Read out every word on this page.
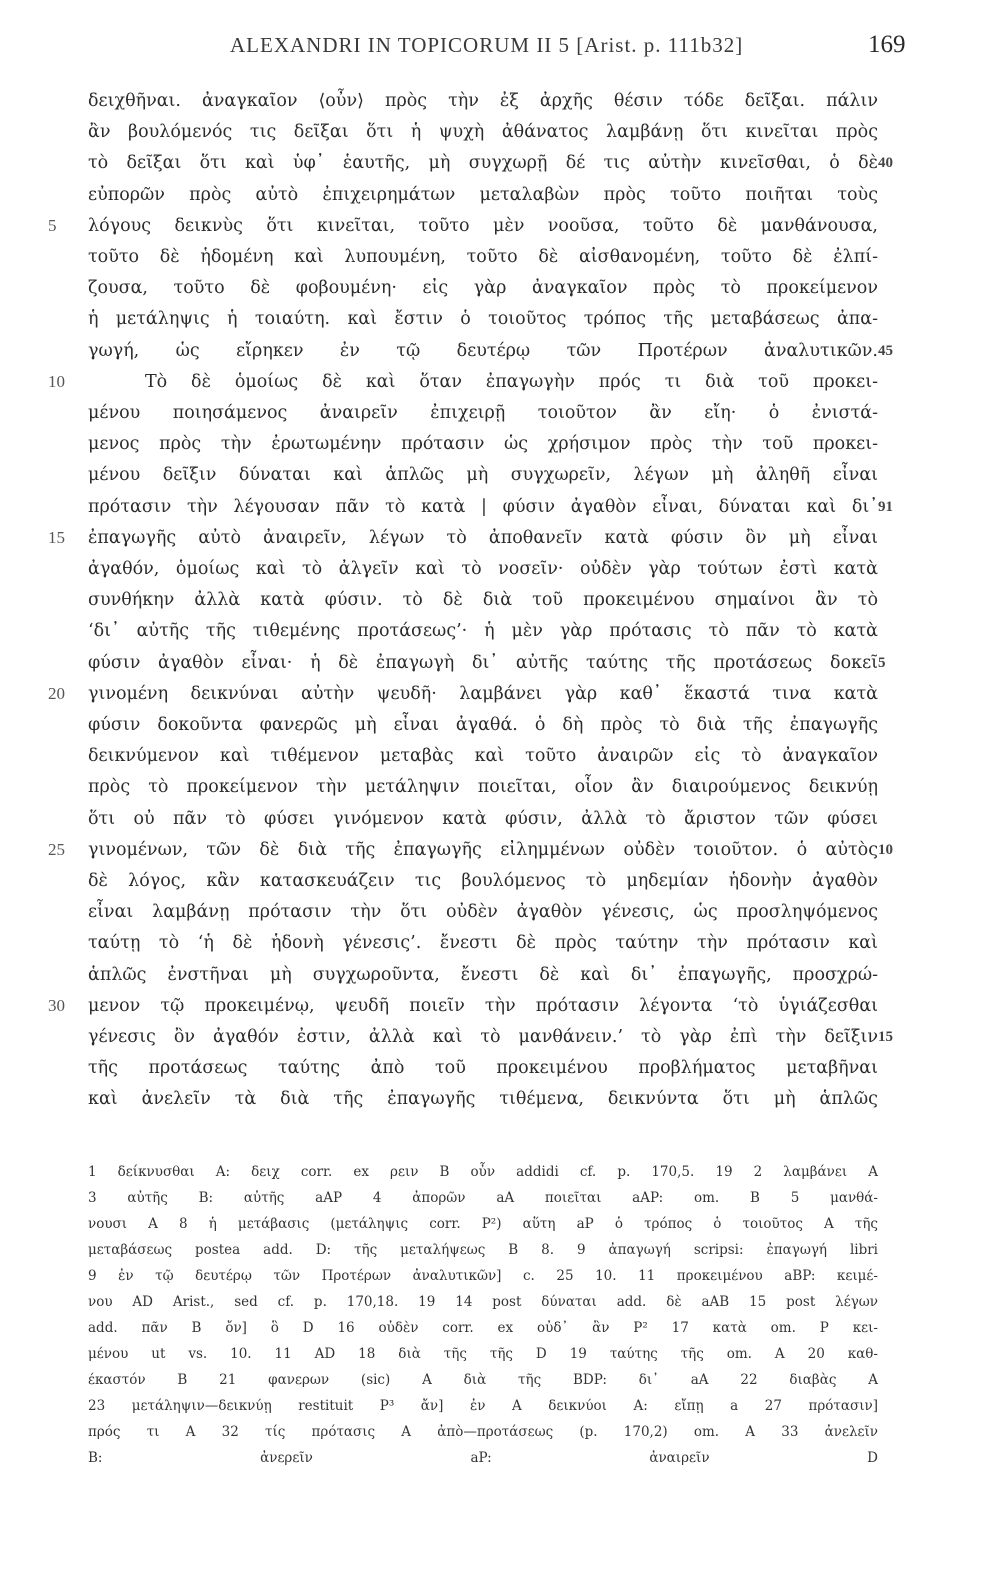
ALEXANDRI IN TOPICORUM II 5 [Arist. p. 111b32]	169
δειχθῆναι. ἀναγκαῖον ⟨οὖν⟩ πρὸς τὴν ἐξ ἀρχῆς θέσιν τόδε δεῖξαι. πάλιν
ἂν βουλόμενός τις δεῖξαι ὅτι ἡ ψυχὴ ἀθάνατος λαμβάνῃ ὅτι κινεῖται πρὸς
τὸ δεῖξαι ὅτι καὶ ὑφ᾽ ἑαυτῆς, μὴ συγχωρῇ δέ τις αὐτὴν κινεῖσθαι, ὁ δὲ 40
εὐπορῶν πρὸς αὐτὸ ἐπιχειρημάτων μεταλαβὼν πρὸς τοῦτο ποιῆται τοὺς
λόγους δεικνὺς ὅτι κινεῖται, τοῦτο μὲν νοοῦσα, τοῦτο δὲ μανθάνουσα,
5
τοῦτο δὲ ἡδομένη καὶ λυπουμένη, τοῦτο δὲ αἰσθανομένη, τοῦτο δὲ ἐλπί-
ζουσα, τοῦτο δὲ φοβουμένη· εἰς γὰρ ἀναγκαῖον πρὸς τὸ προκείμενον
ἡ μετάληψις ἡ τοιαύτη. καὶ ἔστιν ὁ τοιοῦτος τρόπος τῆς μεταβάσεως ἀπα-
γωγή, ὡς εἴρηκεν ἐν τῷ δευτέρῳ τῶν Προτέρων ἀναλυτικῶν. 45
Τὸ δὲ ὁμοίως δὲ καὶ ὅταν ἐπαγωγὴν πρός τι διὰ τοῦ προκει-
10
μένου ποιησάμενος ἀναιρεῖν ἐπιχειρῇ τοιοῦτον ἂν εἴη· ὁ ἐνιστά-
μενος πρὸς τὴν ἐρωτωμένην πρότασιν ὡς χρήσιμον πρὸς τὴν τοῦ προκει-
μένου δεῖξιν δύναται καὶ ἁπλῶς μὴ συγχωρεῖν, λέγων μὴ ἀληθῆ εἶναι
πρότασιν τὴν λέγουσαν πᾶν τὸ κατὰ | φύσιν ἀγαθὸν εἶναι, δύναται καὶ δι᾽ 91
ἐπαγωγῆς αὐτὸ ἀναιρεῖν, λέγων τὸ ἀποθανεῖν κατὰ φύσιν ὂν μὴ εἶναι
15
ἀγαθόν, ὁμοίως καὶ τὸ ἀλγεῖν καὶ τὸ νοσεῖν· οὐδὲν γὰρ τούτων ἐστὶ κατὰ
συνθήκην ἀλλὰ κατὰ φύσιν. τὸ δὲ διὰ τοῦ προκειμένου σημαίνοι ἂν τὸ
‘δι᾽ αὐτῆς τῆς τιθεμένης προτάσεως’· ἡ μὲν γὰρ πρότασις τὸ πᾶν τὸ κατὰ
φύσιν ἀγαθὸν εἶναι· ἡ δὲ ἐπαγωγὴ δι᾽ αὐτῆς ταύτης τῆς προτάσεως δοκεῖ 5
γινομένη δεικνύναι αὐτὴν ψευδῆ· λαμβάνει γὰρ καθ᾽ ἕκαστά τινα κατὰ
20
φύσιν δοκοῦντα φανερῶς μὴ εἶναι ἀγαθά. ὁ δὴ πρὸς τὸ διὰ τῆς ἐπαγωγῆς
δεικνύμενον καὶ τιθέμενον μεταβὰς καὶ τοῦτο ἀναιρῶν εἰς τὸ ἀναγκαῖον
πρὸς τὸ προκείμενον τὴν μετάληψιν ποιεῖται, οἷον ἂν διαιρούμενος δεικνύῃ
ὅτι οὐ πᾶν τὸ φύσει γινόμενον κατὰ φύσιν, ἀλλὰ τὸ ἄριστον τῶν φύσει
γινομένων, τῶν δὲ διὰ τῆς ἐπαγωγῆς εἰλημμένων οὐδὲν τοιοῦτον. ὁ αὐτὸς
25	10
δὲ λόγος, κἂν κατασκευάζειν τις βουλόμενος τὸ μηδεμίαν ἡδονὴν ἀγαθὸν
εἶναι λαμβάνῃ πρότασιν τὴν ὅτι οὐδὲν ἀγαθὸν γένεσις, ὡς προσληψόμενος
ταύτῃ τὸ ‘ἡ δὲ ἡδονὴ γένεσις’. ἔνεστι δὲ πρὸς ταύτην τὴν πρότασιν καὶ
ἁπλῶς ἐνστῆναι μὴ συγχωροῦντα, ἔνεστι δὲ καὶ δι᾽ ἐπαγωγῆς, προσχρώ-
μενον τῷ προκειμένῳ, ψευδῆ ποιεῖν τὴν πρότασιν λέγοντα ‘τὸ ὑγιάζεσθαι
30
γένεσις ὂν ἀγαθόν ἐστιν, ἀλλὰ καὶ τὸ μανθάνειν.’ τὸ γὰρ ἐπὶ τὴν δεῖξιν 15
τῆς προτάσεως ταύτης ἀπὸ τοῦ προκειμένου προβλήματος μεταβῆναι
καὶ ἀνελεῖν τὰ διὰ τῆς ἐπαγωγῆς τιθέμενα, δεικνύντα ὅτι μὴ ἁπλῶς
1 δείκνυσθαι A: δειχ corr. ex ρειν B οὖν addidi cf. p. 170,5. 19 2 λαμβάνει A
3 αὐτῆς B: αὐτῆς aAP 4 ἀπορῶν aA ποιεῖται aAP: om. B 5 μανθά-
νουσι A 8 ἡ μετάβασις (μετάληψις corr. P²) αὕτη aP ὁ τρόπος ὁ τοιοῦτος A τῆς
μεταβάσεως postea add. D: τῆς μεταλήψεως B 8. 9 ἀπαγωγή scripsi: ἐπαγωγή libri
9 ἐν τῷ δευτέρῳ τῶν Προτέρων ἀναλυτικῶν] c. 25 10. 11 προκειμένου aBP: κειμέ-
νου AD Arist., sed cf. p. 170,18. 19 14 post δύναται add. δὲ aAB 15 post λέγων
add. πᾶν B ὄν] ὃ D 16 οὐδὲν corr. ex οὐδ᾽ ἂν P² 17 κατὰ om. P κει-
μένου ut vs. 10. 11 AD 18 διὰ τῆς τῆς D 19 ταύτης τῆς om. A 20 καθ-
έκαστόν B 21 φανερων (sic) A διὰ τῆς BDP: δι᾽ aA 22 διαβὰς A
23 μετάληψιν—δεικνύῃ restituit P³ ἄν] ἐν A δεικνύοι A: εἴπῃ a 27 πρότασιν]
πρός τι A 32 τίς πρότασις A ἀπὸ—προτάσεως (p. 170,2) om. A 33 ἀνελεῖν
B: ἀνερεῖν aP: ἀναιρεῖν D
